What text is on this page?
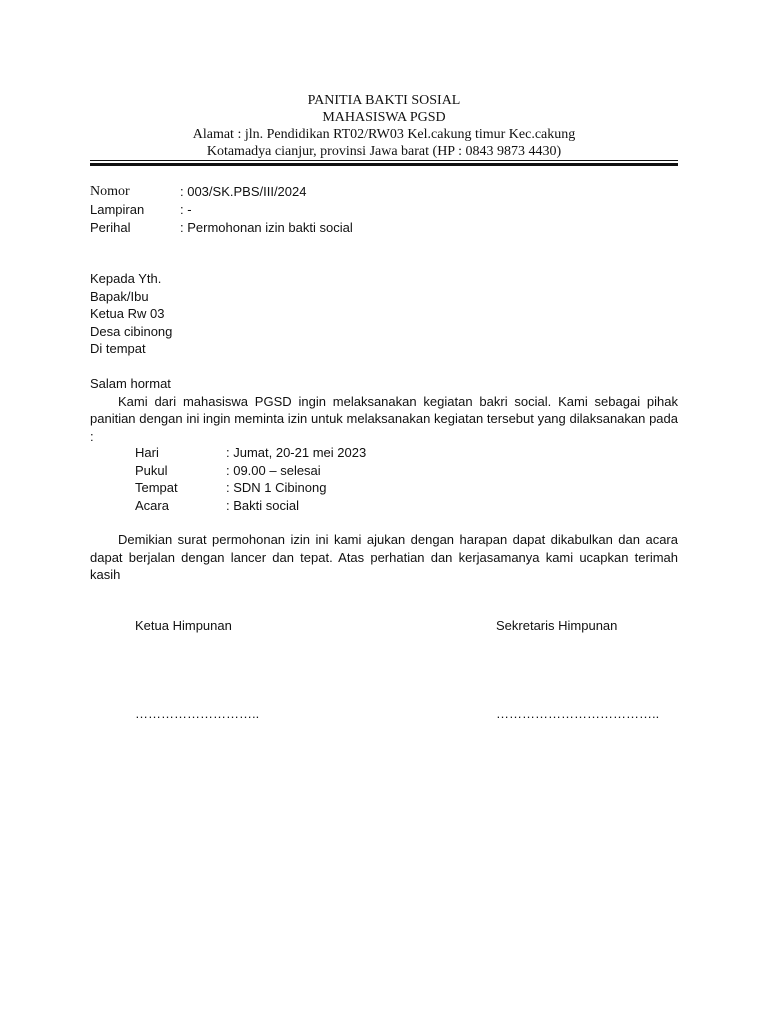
PANITIA BAKTI SOSIAL
MAHASISWA PGSD
Alamat : jln. Pendidikan RT02/RW03 Kel.cakung timur Kec.cakung
Kotamadya cianjur, provinsi Jawa barat (HP : 0843 9873 4430)
Nomor	: 003/SK.PBS/III/2024
Lampiran	: -
Perihal	: Permohonan izin bakti social
Kepada Yth.
Bapak/Ibu
Ketua Rw 03
Desa cibinong
Di tempat

Salam hormat

Kami dari mahasiswa PGSD ingin melaksanakan kegiatan bakri social. Kami sebagai pihak panitian dengan ini ingin meminta izin untuk melaksanakan kegiatan tersebut yang dilaksanakan pada :

Hari	: Jumat, 20-21 mei 2023
Pukul	: 09.00 – selesai
Tempat	: SDN 1 Cibinong
Acara	: Bakti social
Demikian surat permohonan izin ini kami ajukan dengan harapan dapat dikabulkan dan acara dapat berjalan dengan lancer dan tepat. Atas perhatian dan kerjasamanya kami ucapkan terimah kasih
Ketua Himpunan	Sekretaris Himpunan
………………………..	………………………………..
